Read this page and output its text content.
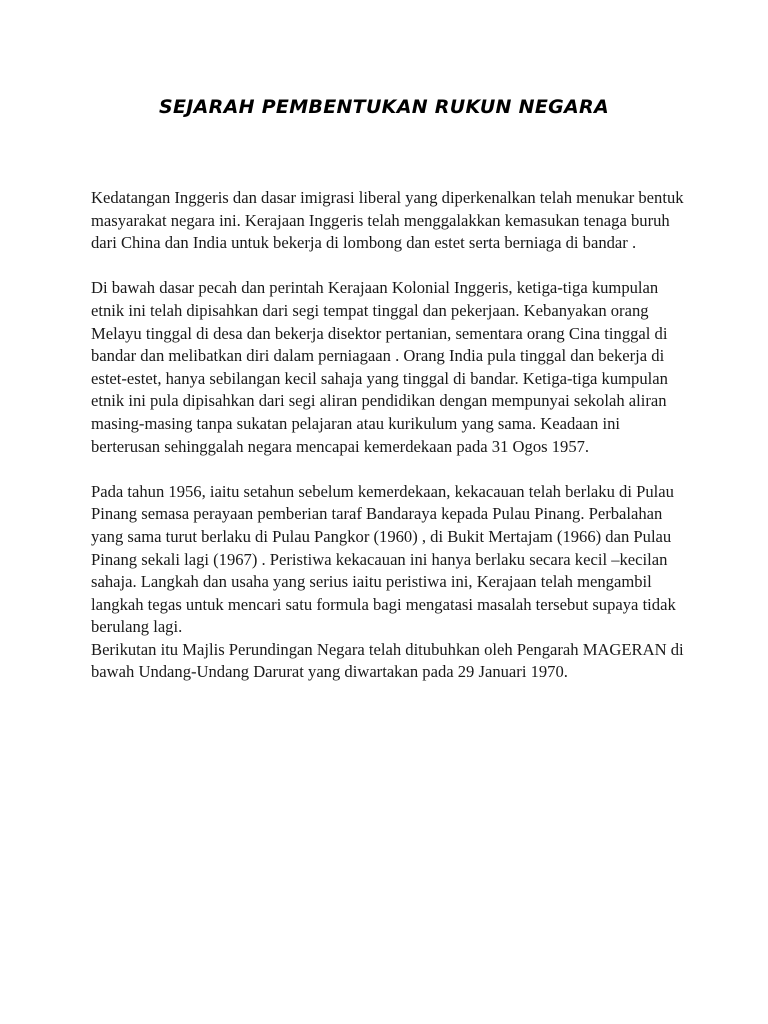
SEJARAH PEMBENTUKAN RUKUN NEGARA

Kedatangan Inggeris dan dasar imigrasi liberal yang diperkenalkan telah menukar bentuk masyarakat negara ini. Kerajaan Inggeris telah menggalakkan kemasukan tenaga buruh dari China dan India untuk bekerja di lombong dan estet serta berniaga di bandar .

Di bawah dasar pecah dan perintah Kerajaan Kolonial Inggeris, ketiga-tiga kumpulan etnik ini telah dipisahkan dari segi tempat tinggal dan pekerjaan. Kebanyakan orang Melayu tinggal di desa dan bekerja disektor pertanian, sementara orang Cina tinggal di bandar dan melibatkan diri dalam perniagaan . Orang India pula tinggal dan bekerja di estet-estet, hanya sebilangan kecil sahaja yang tinggal di bandar. Ketiga-tiga kumpulan etnik ini pula dipisahkan dari segi aliran pendidikan dengan mempunyai sekolah aliran masing-masing tanpa sukatan pelajaran atau kurikulum yang sama. Keadaan ini berterusan sehinggalah negara mencapai kemerdekaan pada 31 Ogos 1957.

Pada tahun 1956, iaitu setahun sebelum kemerdekaan, kekacauan telah berlaku di Pulau Pinang semasa perayaan pemberian taraf Bandaraya kepada Pulau Pinang. Perbalahan yang sama turut berlaku di Pulau Pangkor (1960) , di Bukit Mertajam (1966) dan Pulau Pinang sekali lagi (1967) . Peristiwa kekacauan ini hanya berlaku secara kecil –kecilan sahaja. Langkah dan usaha yang serius iaitu peristiwa ini, Kerajaan telah mengambil langkah tegas untuk mencari satu formula bagi mengatasi masalah tersebut supaya tidak berulang lagi.

Berikutan itu Majlis Perundingan Negara telah ditubuhkan oleh Pengarah MAGERAN di bawah Undang-Undang Darurat yang diwartakan pada 29 Januari 1970.
